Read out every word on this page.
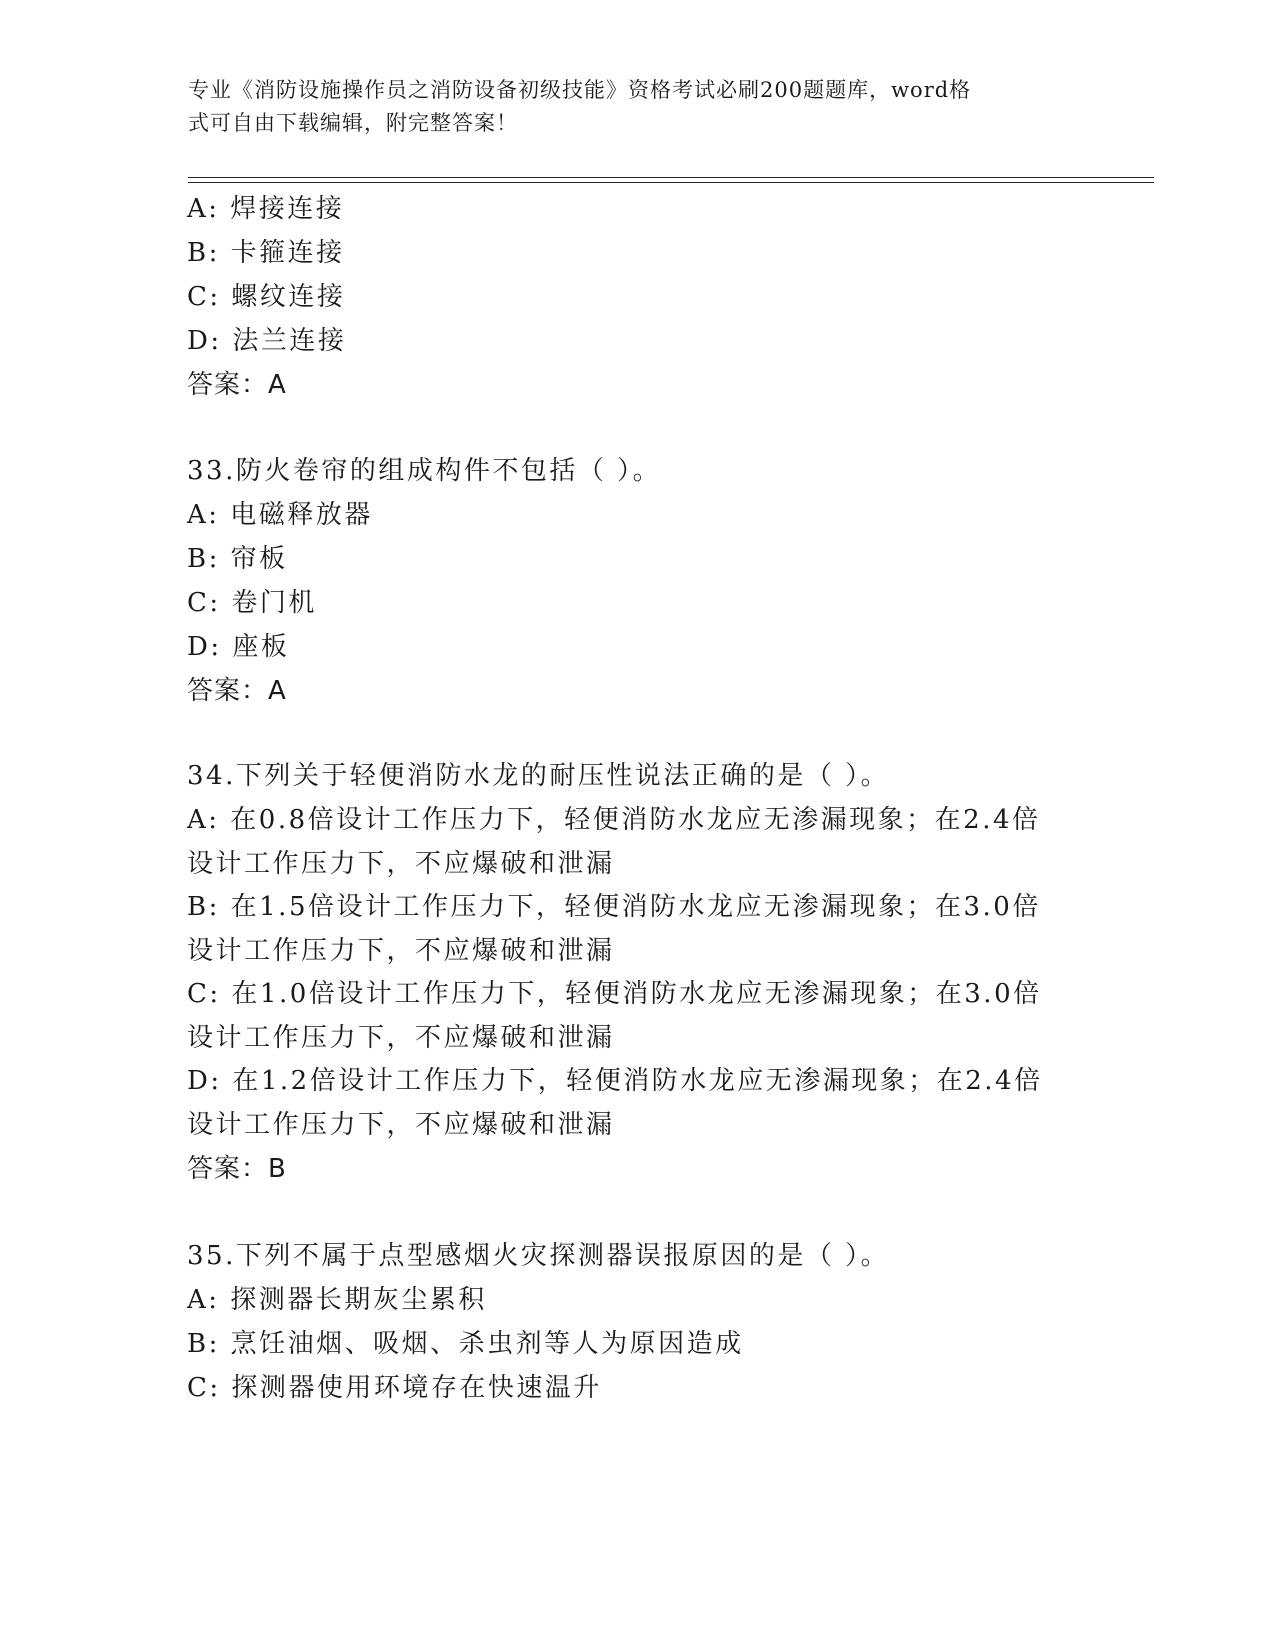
专业《消防设施操作员之消防设备初级技能》资格考试必刷200题题库，word格
式可自由下载编辑，附完整答案！
A: 焊接连接
B: 卡箍连接
C: 螺纹连接
D: 法兰连接
答案：A
33.防火卷帘的组成构件不包括（ ）。
A: 电磁释放器
B: 帘板
C: 卷门机
D: 座板
答案：A
34.下列关于轻便消防水龙的耐压性说法正确的是（ ）。
A: 在0.8倍设计工作压力下，轻便消防水龙应无渗漏现象；在2.4倍
设计工作压力下，不应爆破和泄漏
B: 在1.5倍设计工作压力下，轻便消防水龙应无渗漏现象；在3.0倍
设计工作压力下，不应爆破和泄漏
C: 在1.0倍设计工作压力下，轻便消防水龙应无渗漏现象；在3.0倍
设计工作压力下，不应爆破和泄漏
D: 在1.2倍设计工作压力下，轻便消防水龙应无渗漏现象；在2.4倍
设计工作压力下，不应爆破和泄漏
答案：B
35.下列不属于点型感烟火灾探测器误报原因的是（ ）。
A: 探测器长期灰尘累积
B: 烹饪油烟、吸烟、杀虫剂等人为原因造成
C: 探测器使用环境存在快速温升
